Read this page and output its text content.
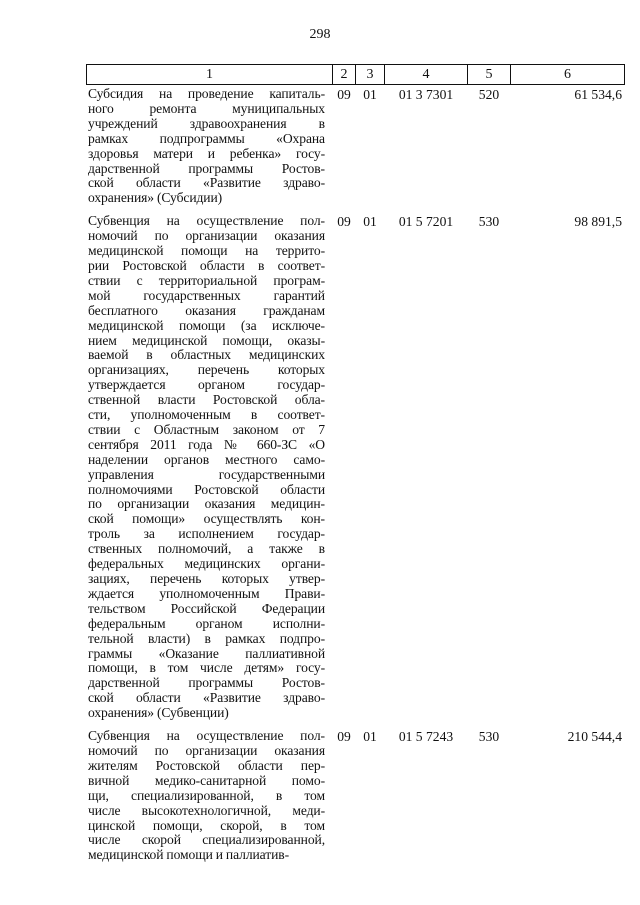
298
1	2	3	4	5	6
Субсидия на проведение капиталь-
ного ремонта муниципальных
учреждений здравоохранения в
рамках подпрограммы «Охрана
здоровья матери и ребенка» госу-
дарственной программы Ростов-
ской области «Развитие здраво-
охранения» (Субсидии)
09 01	01 3 7301	520	61 534,6
Субвенция на осуществление пол-
номочий по организации оказания
медицинской помощи на террито-
рии Ростовской области в соответ-
ствии с территориальной програм-
мой государственных гарантий
бесплатного оказания гражданам
медицинской помощи (за исключе-
нием медицинской помощи, оказы-
ваемой в областных медицинских
организациях, перечень которых
утверждается органом государ-
ственной власти Ростовской обла-
сти, уполномоченным в соответ-
ствии с Областным законом от 7
сентября 2011 года № 660-ЗС «О
наделении органов местного само-
управления государственными
полномочиями Ростовской области
по организации оказания медицин-
ской помощи» осуществлять кон-
троль за исполнением государ-
ственных полномочий, а также в
федеральных медицинских органи-
зациях, перечень которых утвер-
ждается уполномоченным Прави-
тельством Российской Федерации
федеральным органом исполни-
тельной власти) в рамках подпро-
граммы «Оказание паллиативной
помощи, в том числе детям» госу-
дарственной программы Ростов-
ской области «Развитие здраво-
охранения» (Субвенции)
09 01	01 5 7201	530	98 891,5
Субвенция на осуществление пол-
номочий по организации оказания
жителям Ростовской области пер-
вичной медико-санитарной помо-
щи, специализированной, в том
числе высокотехнологичной, меди-
цинской помощи, скорой, в том
числе скорой специализированной,
медицинской помощи и паллиатив-
09 01	01 5 7243	530	210 544,4
